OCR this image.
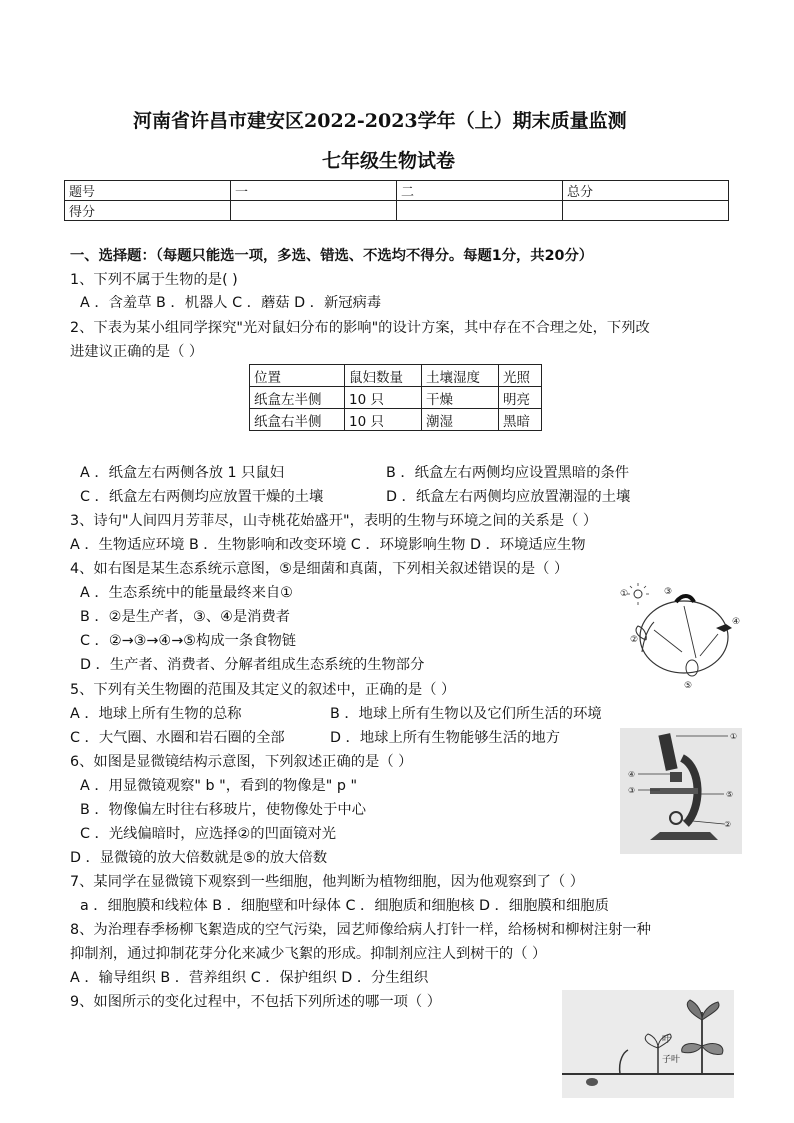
河南省许昌市建安区2022-2023学年（上）期末质量监测
七年级生物试卷
题号	一	二	总分
得分			
一、选择题：（每题只能选一项，多选、错选、不选均不得分。每题1分，共20分）
1、下列不属于生物的是( )
A ．含羞草 B ．机器人 C ．蘑菇 D ．新冠病毒
2、下表为某小组同学探究"光对鼠妇分布的影响"的设计方案，其中存在不合理之处，下列改
进建议正确的是（ ）
位置	鼠妇数量	土壤湿度	光照
纸盒左半侧	10 只	干燥	明亮
纸盒右半侧	10 只	潮湿	黑暗
A ．纸盒左右两侧各放 1 只鼠妇	B ．纸盒左右两侧均应设置黑暗的条件
C ．纸盒左右两侧均应放置干燥的土壤	D ．纸盒左右两侧均应放置潮湿的土壤
3、诗句"人间四月芳菲尽，山寺桃花始盛开"，表明的生物与环境之间的关系是（ ）
A ．生物适应环境 B ．生物影响和改变环境 C ．环境影响生物 D ．环境适应生物
4、如右图是某生态系统示意图，⑤是细菌和真菌，下列相关叙述错误的是（ ）
A ．生态系统中的能量最终来自①
B ．②是生产者，③、④是消费者
C ．②→③→④→⑤构成一条食物链
D ．生产者、消费者、分解者组成生态系统的生物部分
①
②
③
④
⑤
5、下列有关生物圈的范围及其定义的叙述中，正确的是（ ）
A ．地球上所有生物的总称	B ．地球上所有生物以及它们所生活的环境
C ．大气圈、水圈和岩石圈的全部	D ．地球上所有生物能够生活的地方	①
②
③
④
⑤
6、如图是显微镜结构示意图，下列叙述正确的是（ ）
A ．用显微镜观察" b "，看到的物像是" p "
B ．物像偏左时往右移玻片，使物像处于中心
C ．光线偏暗时，应选择②的凹面镜对光
D ．显微镜的放大倍数就是⑤的放大倍数
7、某同学在显微镜下观察到一些细胞，他判断为植物细胞，因为他观察到了（ ）
a ．细胞膜和线粒体 B ．细胞壁和叶绿体 C ．细胞质和细胞核 D ．细胞膜和细胞质
8、为治理春季杨柳飞絮造成的空气污染，园艺师像给病人打针一样，给杨树和柳树注射一种
抑制剂，通过抑制花芽分化来减少飞絮的形成。抑制剂应注人到树干的（ ）
A ．输导组织 B ．营养组织 C ．保护组织 D ．分生组织
9、如图所示的变化过程中，不包括下列所述的哪一项（ ）
叶
子叶
